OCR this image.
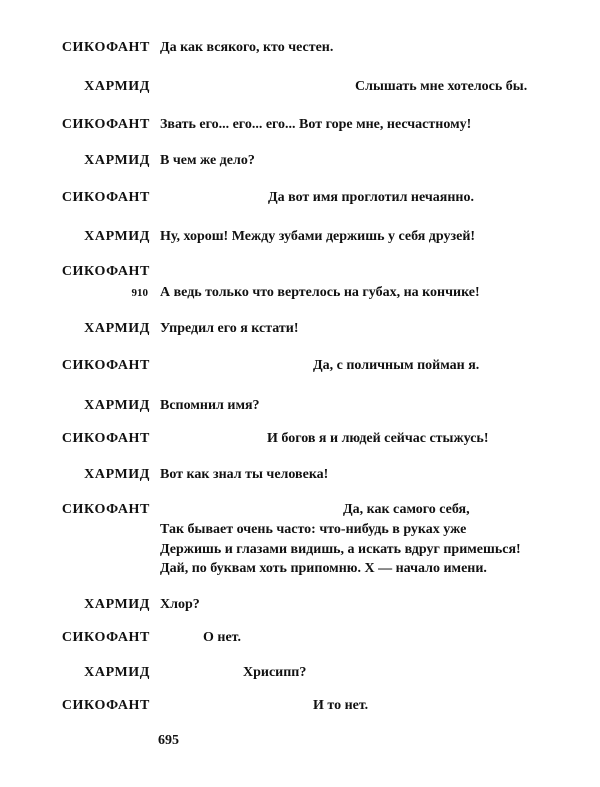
СИКОФАНТ Да как всякого, кто честен.
ХАРМИД	Слышать мне хотелось бы.
СИКОФАНТ Звать его... его... его... Вот горе мне, несчастному!
ХАРМИД В чем же дело?
СИКОФАНТ	Да вот имя проглотил нечаянно.
ХАРМИД Ну, хорош! Между зубами держишь у себя друзей!
СИКОФАНТ
910 А ведь только что вертелось на губах, на кончике!
ХАРМИД Упредил его я кстати!
СИКОФАНТ	Да, с поличным пойман я.
ХАРМИД Вспомнил имя?
СИКОФАНТ	И богов я и людей сейчас стыжусь!
ХАРМИД Вот как знал ты человека!
СИКОФАНТ	Да, как самого себя,
Так бывает очень часто: что-нибудь в руках уже
Держишь и глазами видишь, а искать вдруг примешься!
Дай, по буквам хоть припомню. Х — начало имени.
ХАРМИД Хлор?
СИКОФАНТ	О нет.
ХАРМИД	Хрисипп?
СИКОФАНТ	И то нет.
695
